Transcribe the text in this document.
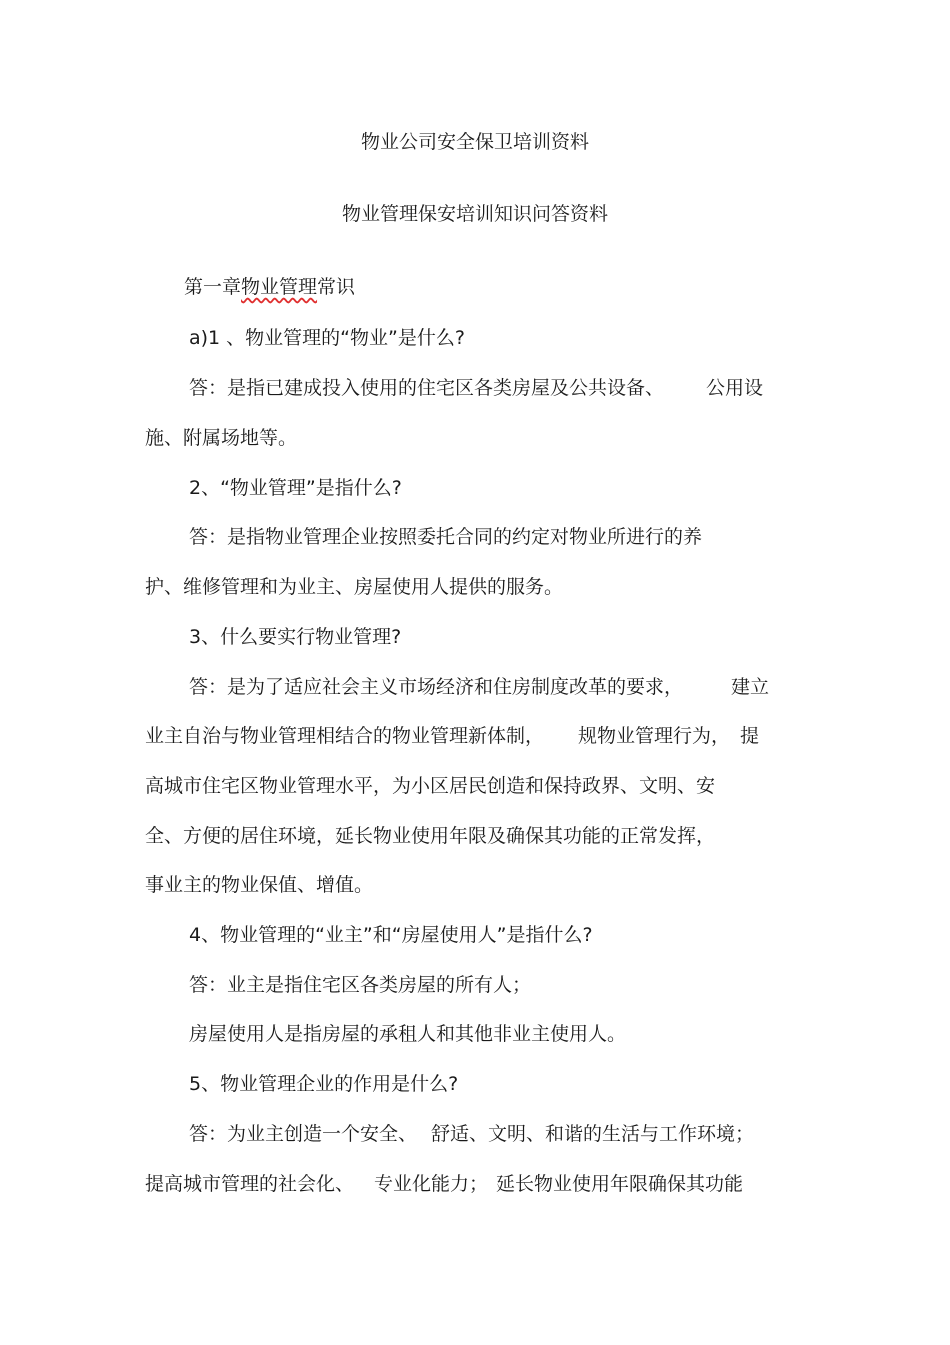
物业公司安全保卫培训资料
物业管理保安培训知识问答资料
第一章物业管理常识
a)1 、物业管理的“物业”是什么?
答：是指已建成投入使用的住宅区各类房屋及公共设备、 公用设
施、附属场地等。
2、“物业管理”是指什么?
答：是指物业管理企业按照委托合同的约定对物业所进行的养
护、维修管理和为业主、房屋使用人提供的服务。
3、什么要实行物业管理?
答：是为了适应社会主义市场经济和住房制度改革的要求，	建立
业主自治与物业管理相结合的物业管理新体制， 规物业管理行为， 提
高城市住宅区物业管理水平，为小区居民创造和保持政界、文明、安
全、方便的居住环境，延长物业使用年限及确保其功能的正常发挥，
事业主的物业保值、增值。
4、物业管理的“业主”和“房屋使用人”是指什么?
答：业主是指住宅区各类房屋的所有人；
房屋使用人是指房屋的承租人和其他非业主使用人。
5、物业管理企业的作用是什么?
答：为业主创造一个安全、 舒适、文明、和谐的生活与工作环境；
提高城市管理的社会化、 专业化能力； 延长物业使用年限确保其功能
